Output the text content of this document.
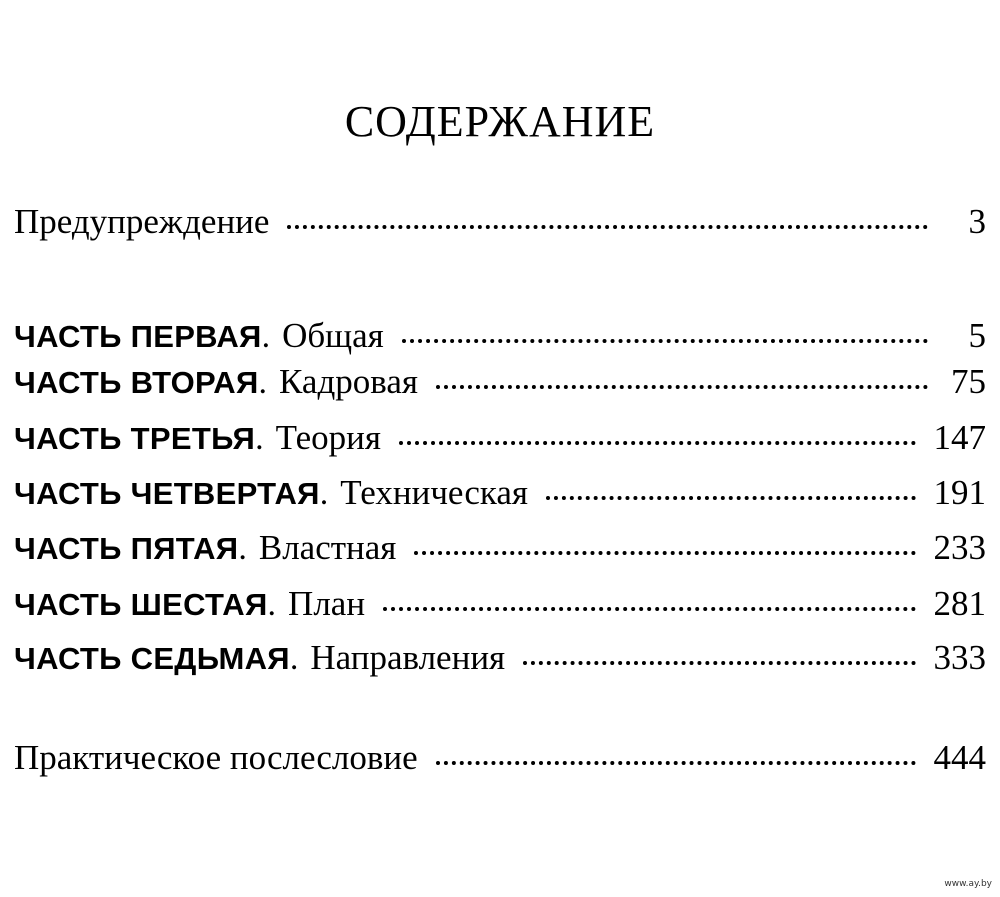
СОДЕРЖАНИЕ
Предупреждение	3
ЧАСТЬ ПЕРВАЯ . Общая	5
ЧАСТЬ ВТОРАЯ . Кадровая	75
ЧАСТЬ ТРЕТЬЯ . Теория	147
ЧАСТЬ ЧЕТВЕРТАЯ . Техническая	191
ЧАСТЬ ПЯТАЯ . Властная	233
ЧАСТЬ ШЕСТАЯ . План	281
ЧАСТЬ СЕДЬМАЯ . Направления	333
Практическое послесловие	444
www.ay.by
